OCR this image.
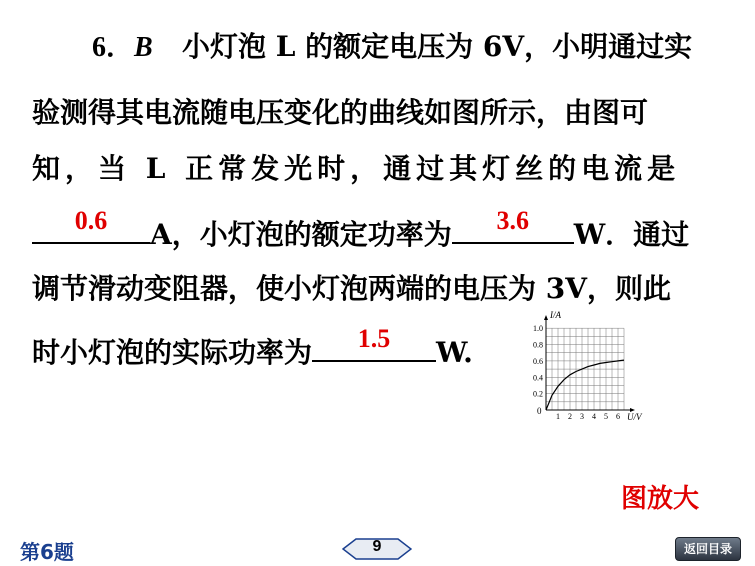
6．B 小灯泡 L 的额定电压为 6V，小明通过实
验测得其电流随电压变化的曲线如图所示，由图可
知，当 L 正常发光时，通过其灯丝的电流是
0.6	A，小灯泡的额定功率为	3.6	W．通过
调节滑动变阻器，使小灯泡两端的电压为 3V，则此
时小灯泡的实际功率为	1.5	W.
1 2 3 4 5 6
0.2
0.4
0.6
0.8
1.0
I/A
U/V
0
图放大
第6题	9	返回目录
